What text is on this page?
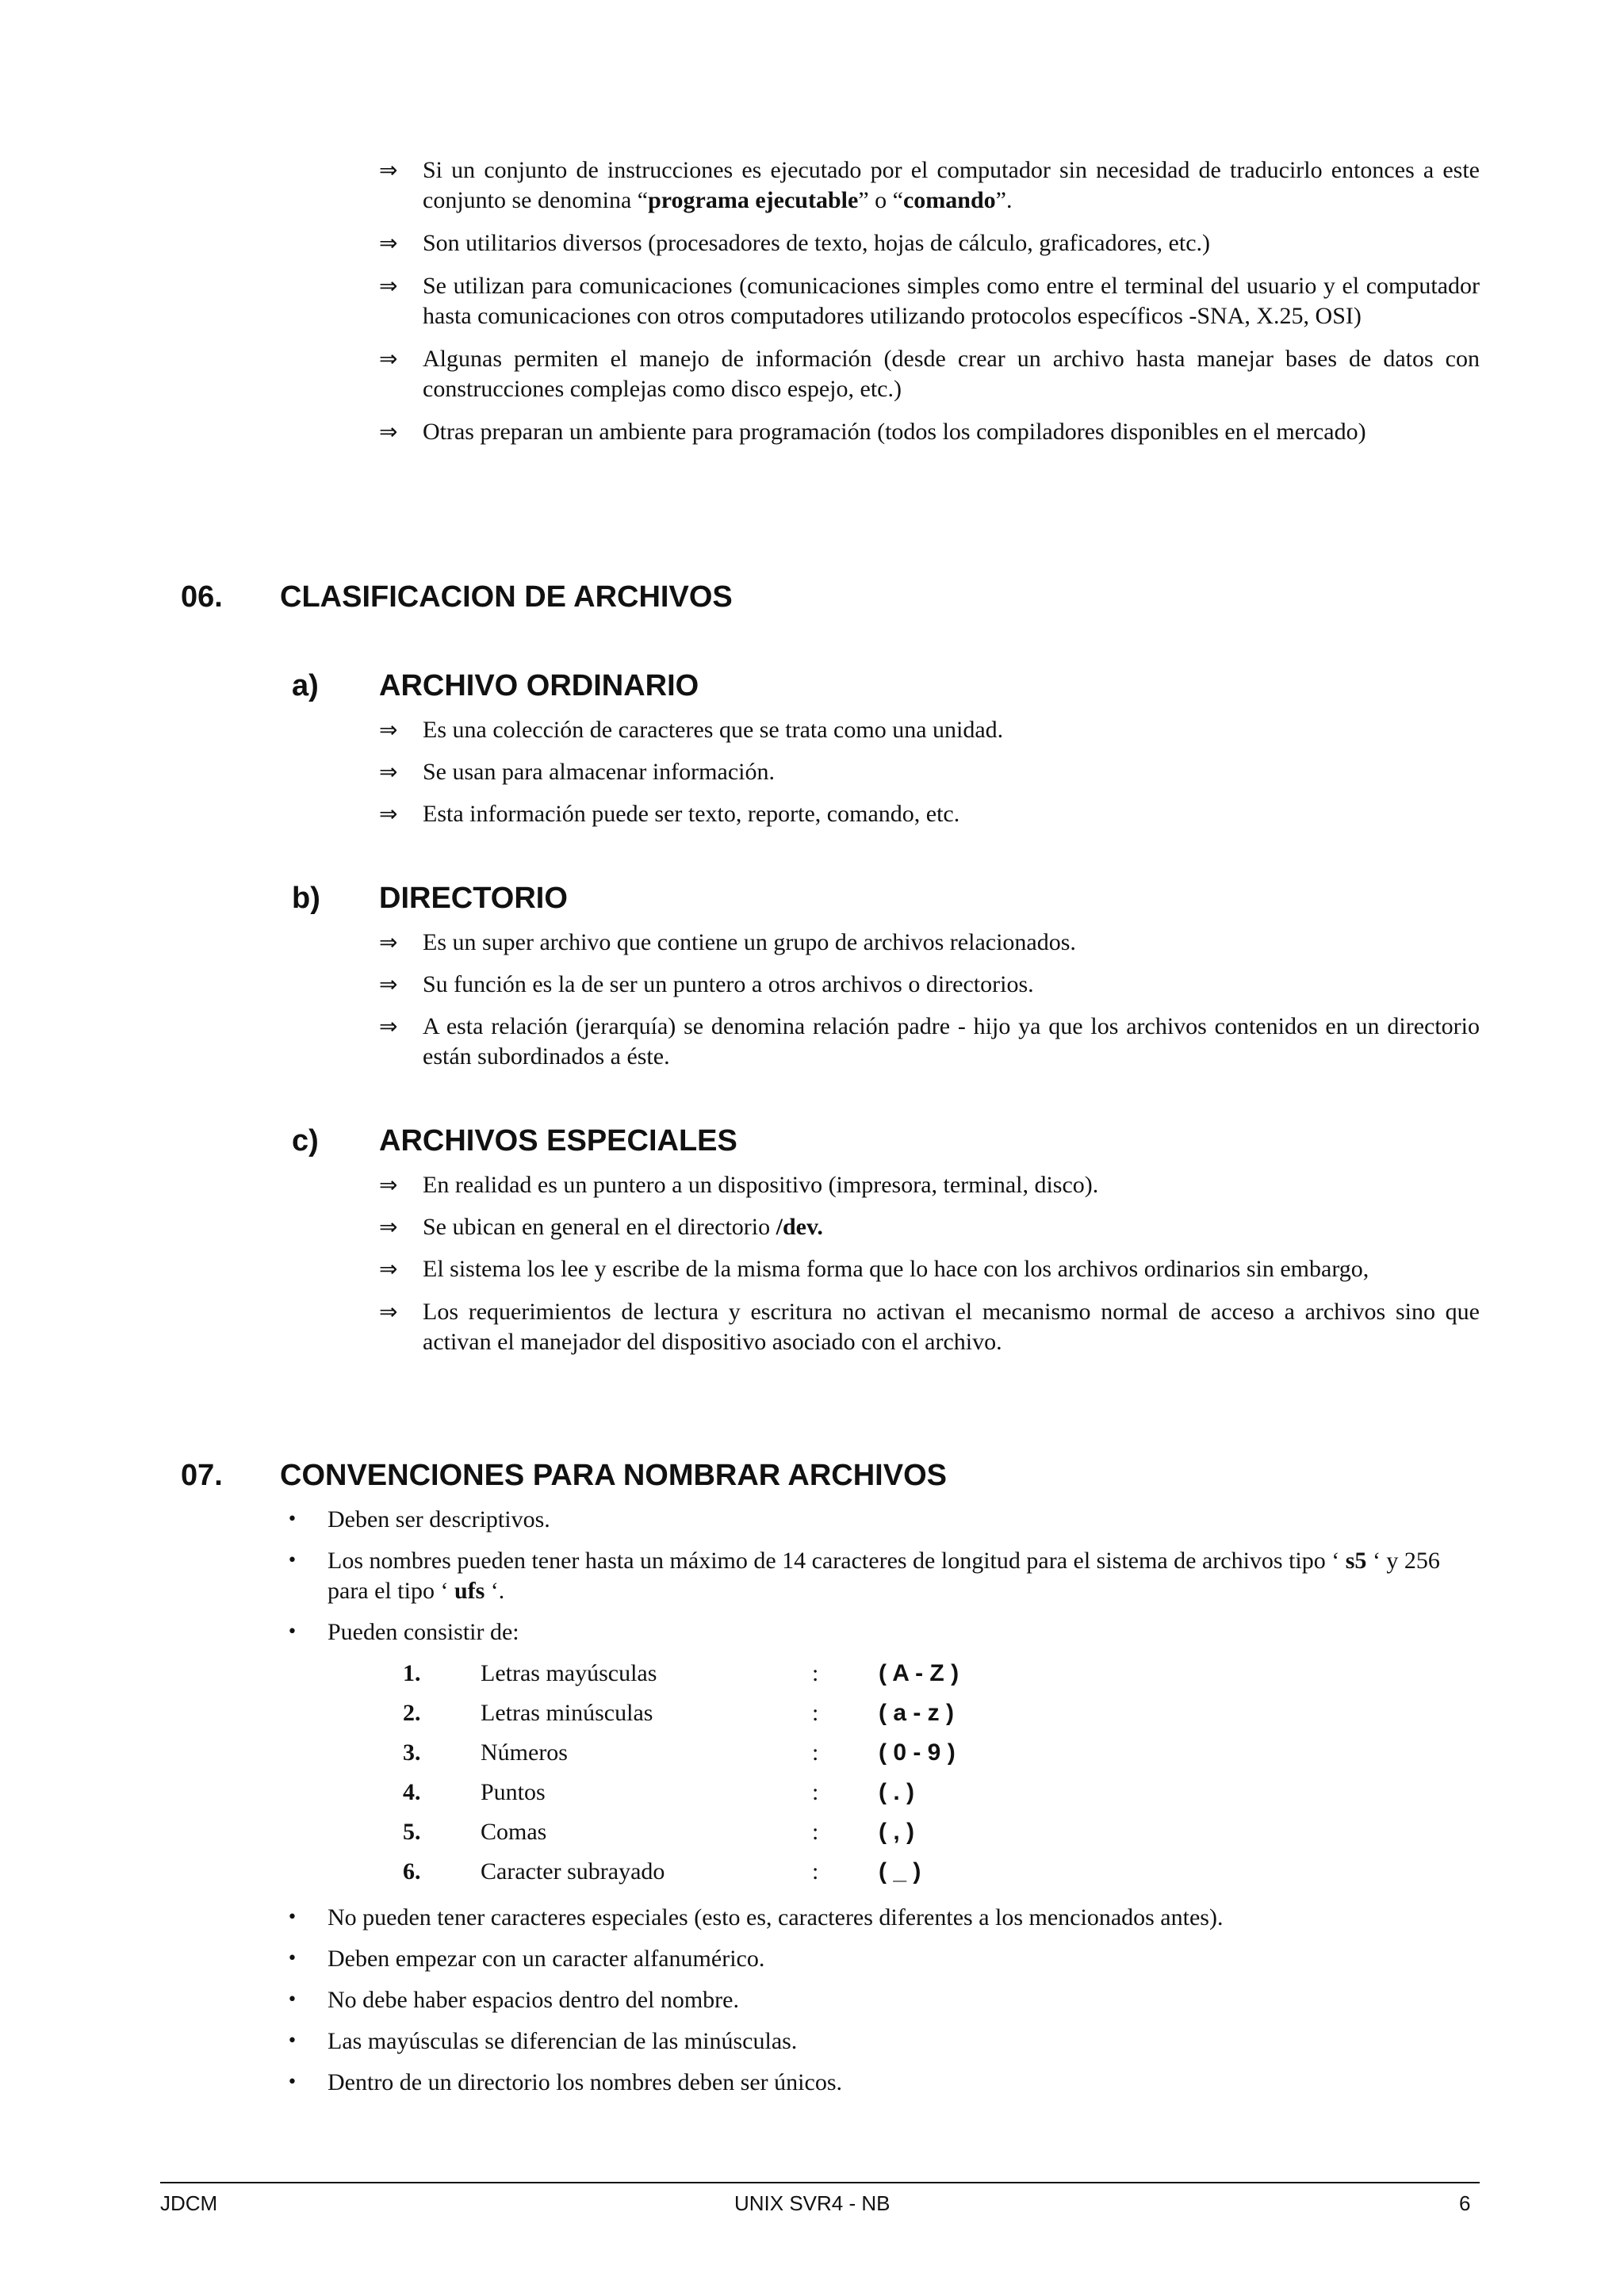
⇒ Si un conjunto de instrucciones es ejecutado por el computador sin necesidad de traducirlo entonces a este conjunto se denomina “programa ejecutable” o “comando”.
⇒ Son utilitarios diversos (procesadores de texto, hojas de cálculo, graficadores, etc.)
⇒ Se utilizan para comunicaciones (comunicaciones simples como entre el terminal del usuario y el computador hasta comunicaciones con otros computadores utilizando protocolos específicos -SNA, X.25, OSI)
⇒ Algunas permiten el manejo de información (desde crear un archivo hasta manejar bases de datos con construcciones complejas como disco espejo, etc.)
⇒ Otras preparan un ambiente para programación (todos los compiladores disponibles en el mercado)
06. CLASIFICACION DE ARCHIVOS
a) ARCHIVO ORDINARIO
⇒ Es una colección de caracteres que se trata como una unidad.
⇒ Se usan para almacenar información.
⇒ Esta información puede ser texto, reporte, comando, etc.
b) DIRECTORIO
⇒ Es un super archivo que contiene un grupo de archivos relacionados.
⇒ Su función es la de ser un puntero a otros archivos o directorios.
⇒ A esta relación (jerarquía) se denomina relación padre - hijo ya que los archivos contenidos en un directorio están subordinados a éste.
c) ARCHIVOS ESPECIALES
⇒ En realidad es un puntero a un dispositivo (impresora, terminal, disco).
⇒ Se ubican en general en el directorio /dev.
⇒ El sistema los lee y escribe de la misma forma que lo hace con los archivos ordinarios sin embargo,
⇒ Los requerimientos de lectura y escritura no activan el mecanismo normal de acceso a archivos sino que activan el manejador del dispositivo asociado con el archivo.
07. CONVENCIONES PARA NOMBRAR ARCHIVOS
• Deben ser descriptivos.
• Los nombres pueden tener hasta un máximo de 14 caracteres de longitud para el sistema de archivos tipo ‘ s5 ‘ y 256 para el tipo ‘ ufs ‘.
• Pueden consistir de:
1.	Letras mayúsculas	:	( A - Z )
2.	Letras minúsculas	:	( a - z )
3.	Números	:	( 0 - 9 )
4.	Puntos	:	( . )
5.	Comas	:	( , )
6.	Caracter subrayado	:	( _ )
• No pueden tener caracteres especiales (esto es, caracteres diferentes a los mencionados antes).
• Deben empezar con un caracter alfanumérico.
• No debe haber espacios dentro del nombre.
• Las mayúsculas se diferencian de las minúsculas.
• Dentro de un directorio los nombres deben ser únicos.
JDCM	UNIX SVR4 - NB	6
